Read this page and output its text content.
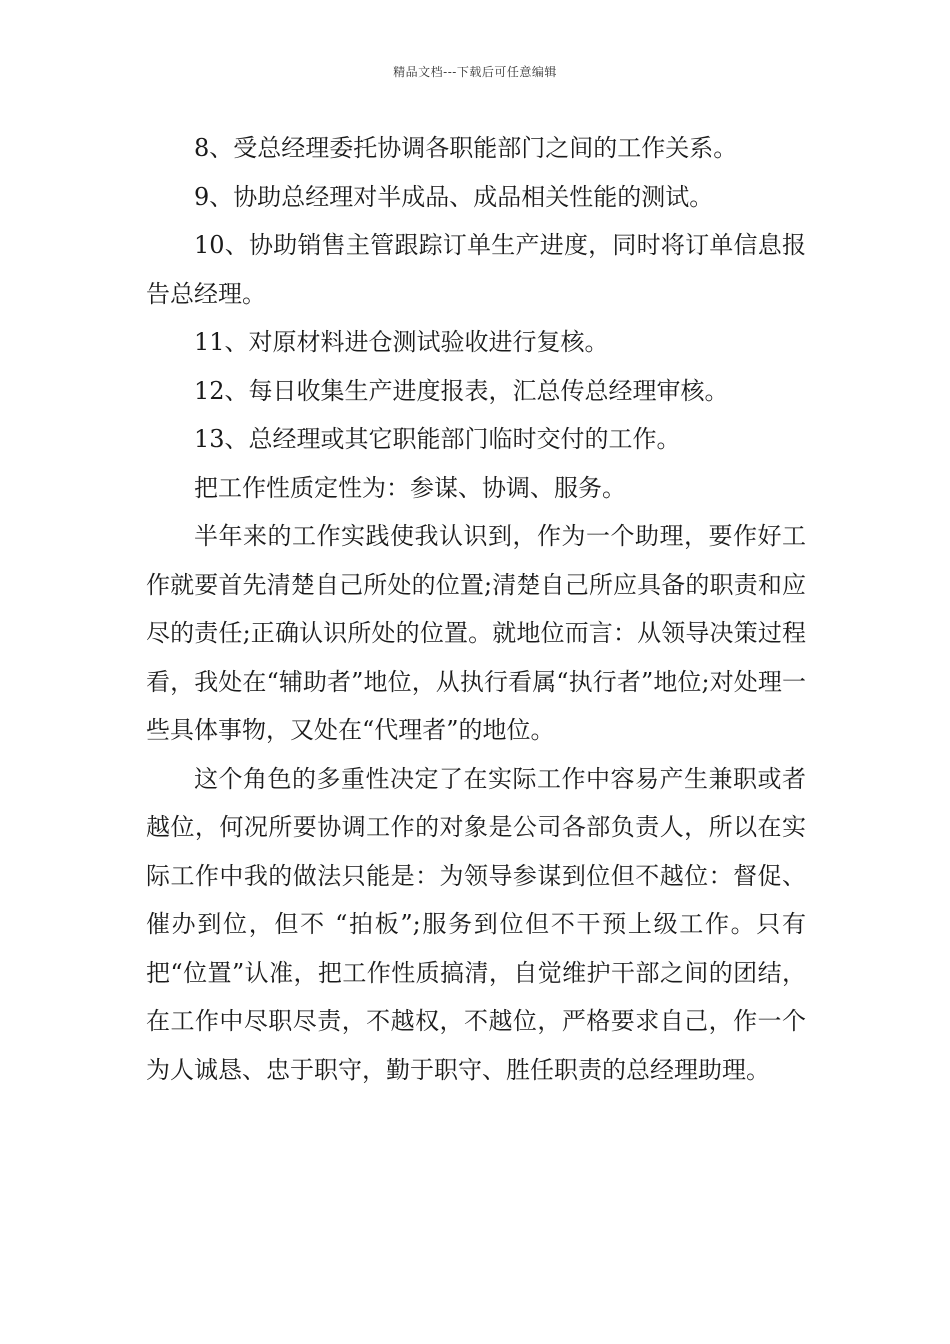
精品文档---下载后可任意编辑

8、受总经理委托协调各职能部门之间的工作关系。

9、协助总经理对半成品、成品相关性能的测试。

10、协助销售主管跟踪订单生产进度，同时将订单信息报告总经理。

11、对原材料进仓测试验收进行复核。

12、每日收集生产进度报表，汇总传总经理审核。

13、总经理或其它职能部门临时交付的工作。

把工作性质定性为：参谋、协调、服务。

半年来的工作实践使我认识到，作为一个助理，要作好工作就要首先清楚自己所处的位置;清楚自己所应具备的职责和应尽的责任;正确认识所处的位置。就地位而言：从领导决策过程看，我处在“辅助者”地位，从执行看属“执行者”地位;对处理一些具体事物，又处在“代理者”的地位。

这个角色的多重性决定了在实际工作中容易产生兼职或者越位，何况所要协调工作的对象是公司各部负责人，所以在实际工作中我的做法只能是：为领导参谋到位但不越位：督促、催办到位，但不 “拍板”;服务到位但不干预上级工作。只有把“位置”认准，把工作性质搞清，自觉维护干部之间的团结，在工作中尽职尽责，不越权，不越位，严格要求自己，作一个为人诚恳、忠于职守，勤于职守、胜任职责的总经理助理。
